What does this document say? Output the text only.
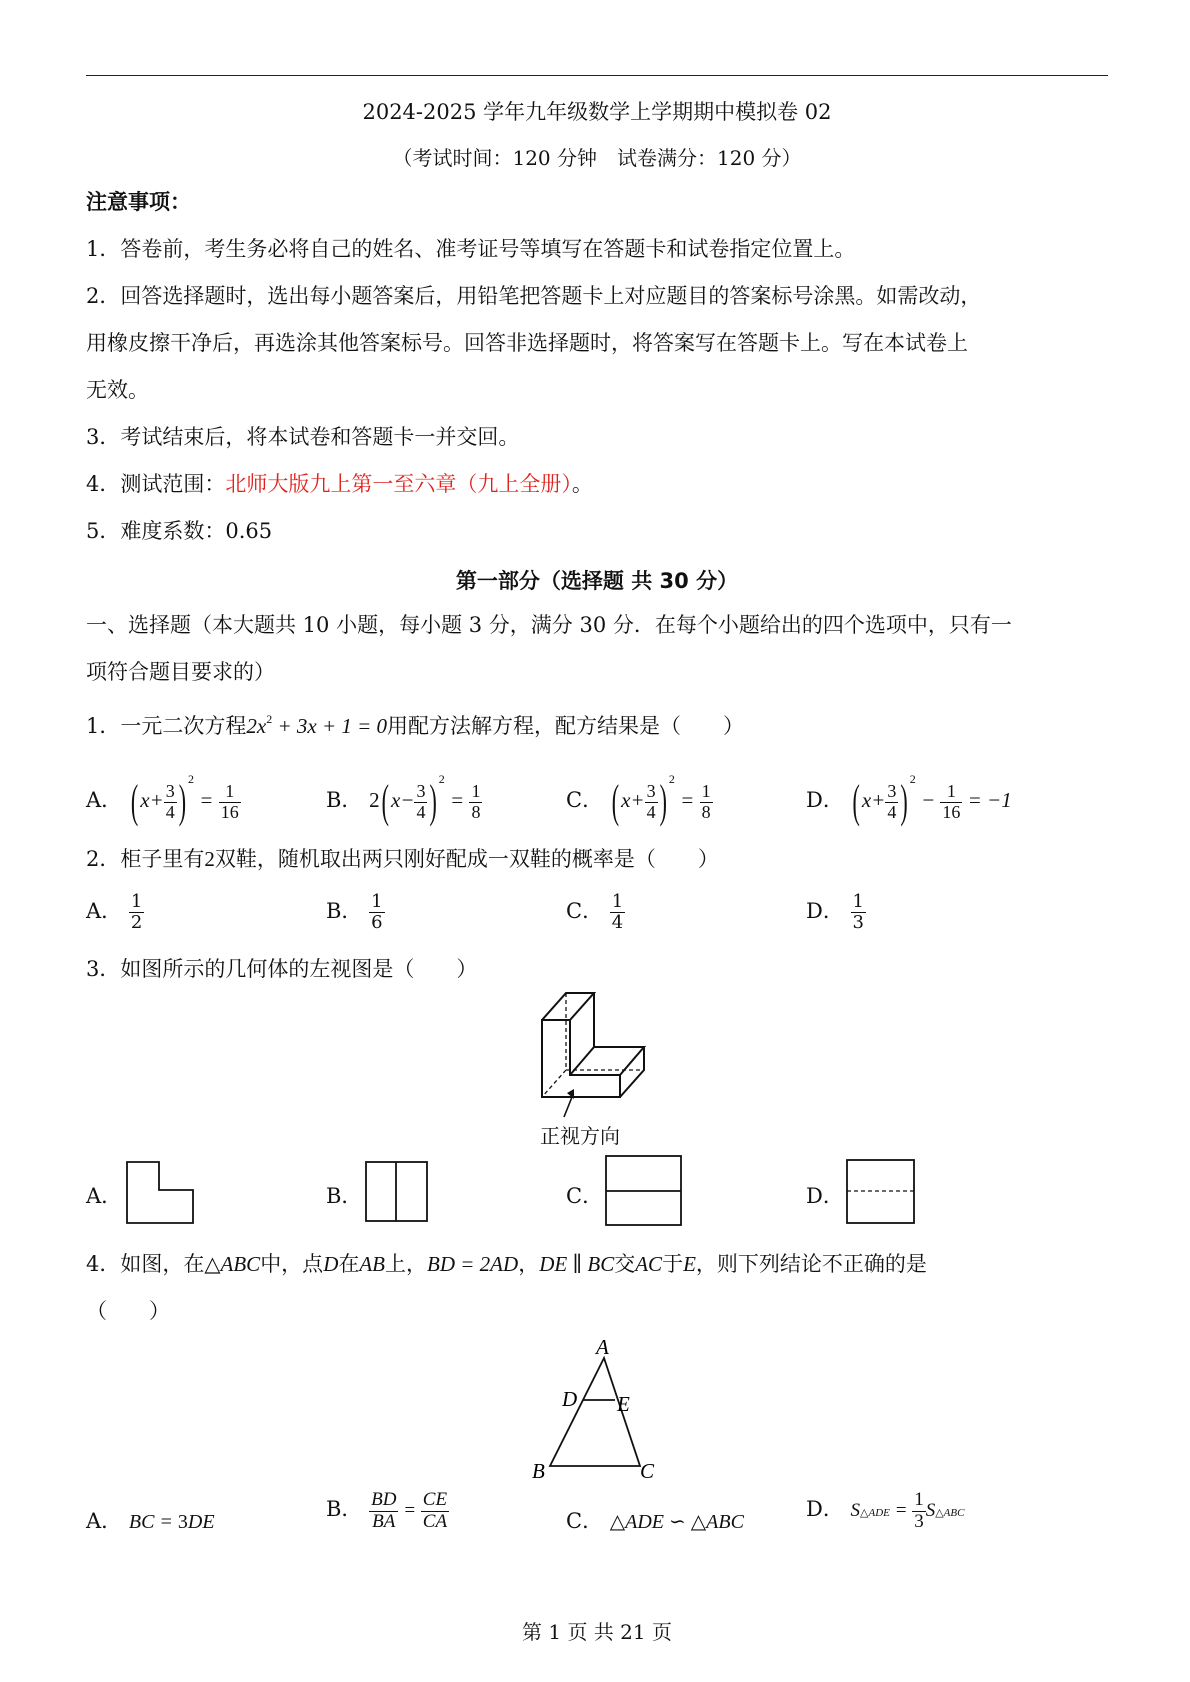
2024-2025 学年九年级数学上学期期中模拟卷 02
（考试时间：120 分钟　试卷满分：120 分）
注意事项：
1．答卷前，考生务必将自己的姓名、准考证号等填写在答题卡和试卷指定位置上。
2．回答选择题时，选出每小题答案后，用铅笔把答题卡上对应题目的答案标号涂黑。如需改动，
用橡皮擦干净后，再选涂其他答案标号。回答非选择题时，将答案写在答题卡上。写在本试卷上
无效。
3．考试结束后，将本试卷和答题卡一并交回。
4．测试范围：北师大版九上第一至六章（九上全册）。
5．难度系数：0.65
第一部分（选择题 共 30 分）
一、选择题（本大题共 10 小题，每小题 3 分，满分 30 分．在每个小题给出的四个选项中，只有一
项符合题目要求的）
1．一元二次方程$2x^2 + 3x + 1 = 0$用配方法解方程，配方结果是（　　）
A． ($x+ \frac{3}{4}$ ) $^2 = \frac{1}{16}$	B． $2(x- \frac{3}{4}$ ) $^2 = \frac{1}{8}$	C． ($x+ \frac{3}{4}$ ) $^2 = \frac{1}{8}$	D． ($x+ \frac{3}{4}$ ) $^2 - \frac{1}{16} = -1$
2．柜子里有2双鞋，随机取出两只刚好配成一双鞋的概率是（　　）
A． $\frac{1}{2}$	B． $\frac{1}{6}$	C． $\frac{1}{4}$	D． $\frac{1}{3}$
3．如图所示的几何体的左视图是（　　）
正视方向
A．	B．	C．	D．
4．如图，在△ABC中，点D在AB上，BD = 2AD，DE ∥ BC交AC于E，则下列结论不正确的是
（　　）
A
D E
B	C
A． BC = 3DE
B． $\frac{BD}{BA} = \frac{CE}{CA}$	C． △ADE ∽ △ABC
D． S△ADE = $\frac{1}{3}$ S△ABC
第 1 页 共 21 页
